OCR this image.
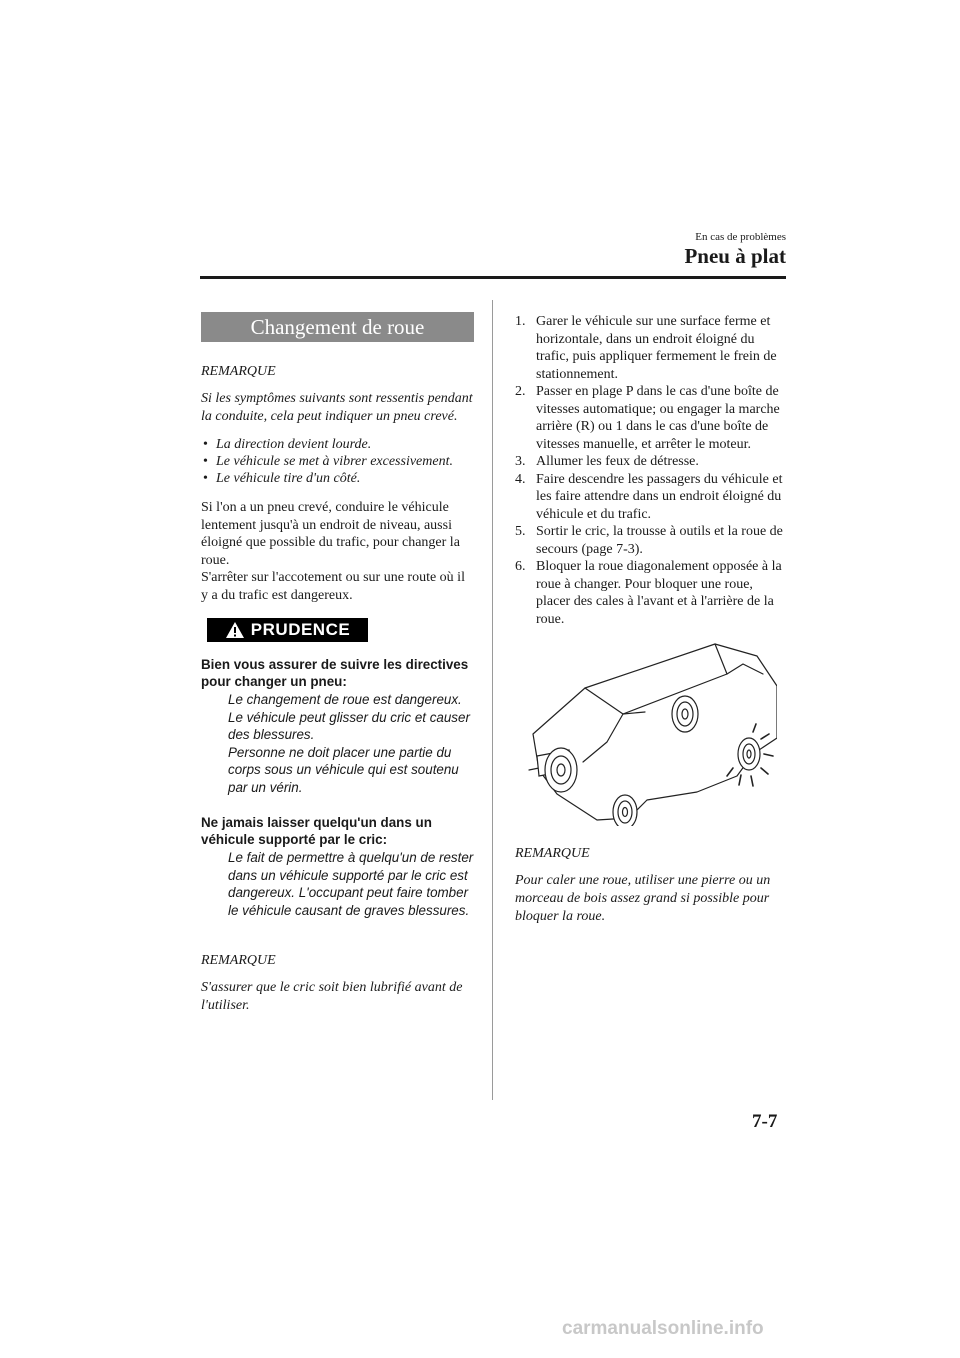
En cas de problèmes
Pneu à plat
Changement de roue
REMARQUE
Si les symptômes suivants sont ressentis pendant la conduite, cela peut indiquer un pneu crevé.
• La direction devient lourde.
• Le véhicule se met à vibrer excessivement.
• Le véhicule tire d'un côté.
Si l'on a un pneu crevé, conduire le véhicule lentement jusqu'à un endroit de niveau, aussi éloigné que possible du trafic, pour changer la roue.
S'arrêter sur l'accotement ou sur une route où il y a du trafic est dangereux.
PRUDENCE
Bien vous assurer de suivre les directives pour changer un pneu:
Le changement de roue est dangereux. Le véhicule peut glisser du cric et causer des blessures.
Personne ne doit placer une partie du corps sous un véhicule qui est soutenu par un vérin.
Ne jamais laisser quelqu'un dans un véhicule supporté par le cric:
Le fait de permettre à quelqu'un de rester dans un véhicule supporté par le cric est dangereux. L'occupant peut faire tomber le véhicule causant de graves blessures.
REMARQUE
S'assurer que le cric soit bien lubrifié avant de l'utiliser.
1. Garer le véhicule sur une surface ferme et horizontale, dans un endroit éloigné du trafic, puis appliquer fermement le frein de stationnement.
2. Passer en plage P dans le cas d'une boîte de vitesses automatique; ou engager la marche arrière (R) ou 1 dans le cas d'une boîte de vitesses manuelle, et arrêter le moteur.
3. Allumer les feux de détresse.
4. Faire descendre les passagers du véhicule et les faire attendre dans un endroit éloigné du véhicule et du trafic.
5. Sortir le cric, la trousse à outils et la roue de secours (page 7-3).
6. Bloquer la roue diagonalement opposée à la roue à changer. Pour bloquer une roue, placer des cales à l'avant et à l'arrière de la roue.
REMARQUE
Pour caler une roue, utiliser une pierre ou un morceau de bois assez grand si possible pour bloquer la roue.
7-7
carmanualsonline.info
